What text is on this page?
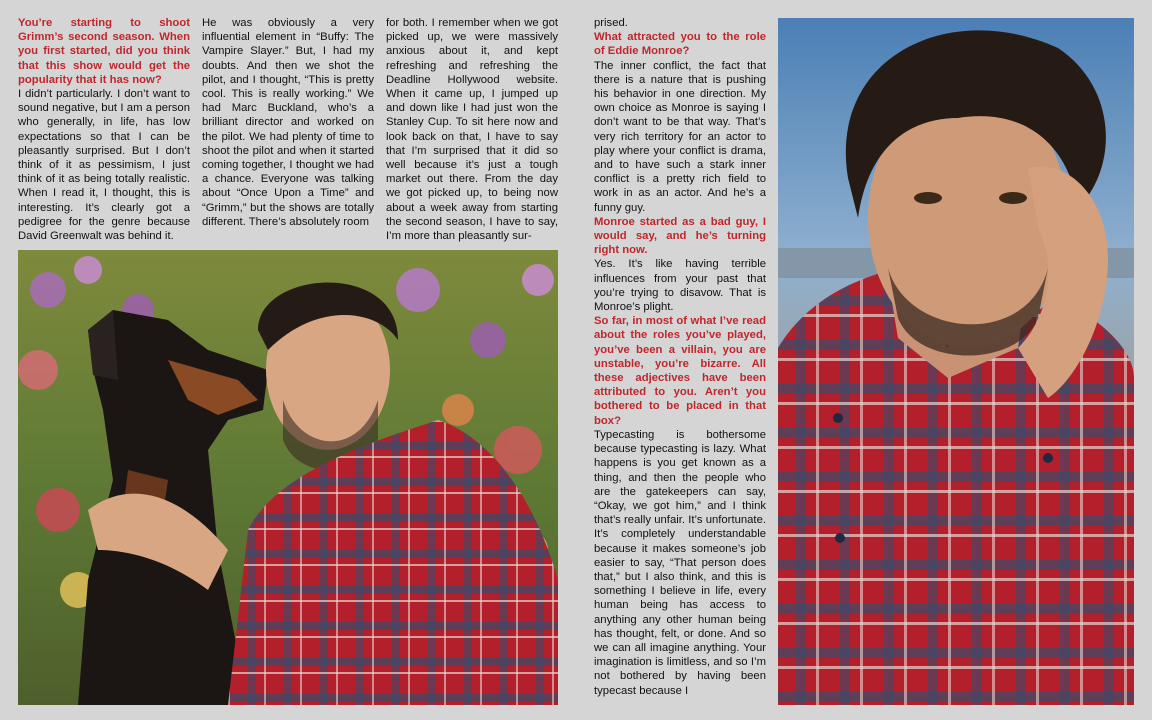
You’re starting to shoot Grimm’s second season. When you first started, did you think that this show would get the popularity that it has now?
I didn’t particularly. I don’t want to sound negative, but I am a person who generally, in life, has low expectations so that I can be pleasantly surprised. But I don’t think of it as pessimism, I just think of it as being totally realistic. When I read it, I thought, this is interesting. It’s clearly got a pedigree for the genre because David Greenwalt was behind it.
He was obviously a very influential element in “Buffy: The Vampire Slayer.” But, I had my doubts. And then we shot the pilot, and I thought, “This is pretty cool. This is really working.” We had Marc Buckland, who’s a brilliant director and worked on the pilot. We had plenty of time to shoot the pilot and when it started coming together, I thought we had a chance. Everyone was talking about “Once Upon a Time” and “Grimm,” but the shows are totally different. There’s absolutely room
for both. I remember when we got picked up, we were massively anxious about it, and kept refreshing and refreshing the Deadline Hollywood website. When it came up, I jumped up and down like I had just won the Stanley Cup. To sit here now and look back on that, I have to say that I’m surprised that it did so well because it’s just a tough market out there. From the day we got picked up, to being now about a week away from starting the second season, I have to say, I’m more than pleasantly sur-
prised.
What attracted you to the role of Eddie Monroe?
The inner conflict, the fact that there is a nature that is pushing his behavior in one direction. My own choice as Monroe is saying I don’t want to be that way. That’s very rich territory for an actor to play where your conflict is drama, and to have such a stark inner conflict is a pretty rich field to work in as an actor. And he’s a funny guy.
Monroe started as a bad guy, I would say, and he’s turning right now.
Yes. It’s like having terrible influences from your past that you’re trying to disavow. That is Monroe’s plight.
So far, in most of what I’ve read about the roles you’ve played, you’ve been a villain, you are unstable, you’re bizarre. All these adjectives have been attributed to you. Aren’t you bothered to be placed in that box?
Typecasting is bothersome because typecasting is lazy. What happens is you get known as a thing, and then the people who are the gatekeepers can say, “Okay, we got him,” and I think that’s really unfair. It’s unfortunate. It’s completely understandable because it makes someone’s job easier to say, “That person does that,” but I also think, and this is something I believe in life, every human being has access to anything any other human being has thought, felt, or done. And so we can all imagine anything. Your imagination is limitless, and so I’m not bothered by having been typecast because I
